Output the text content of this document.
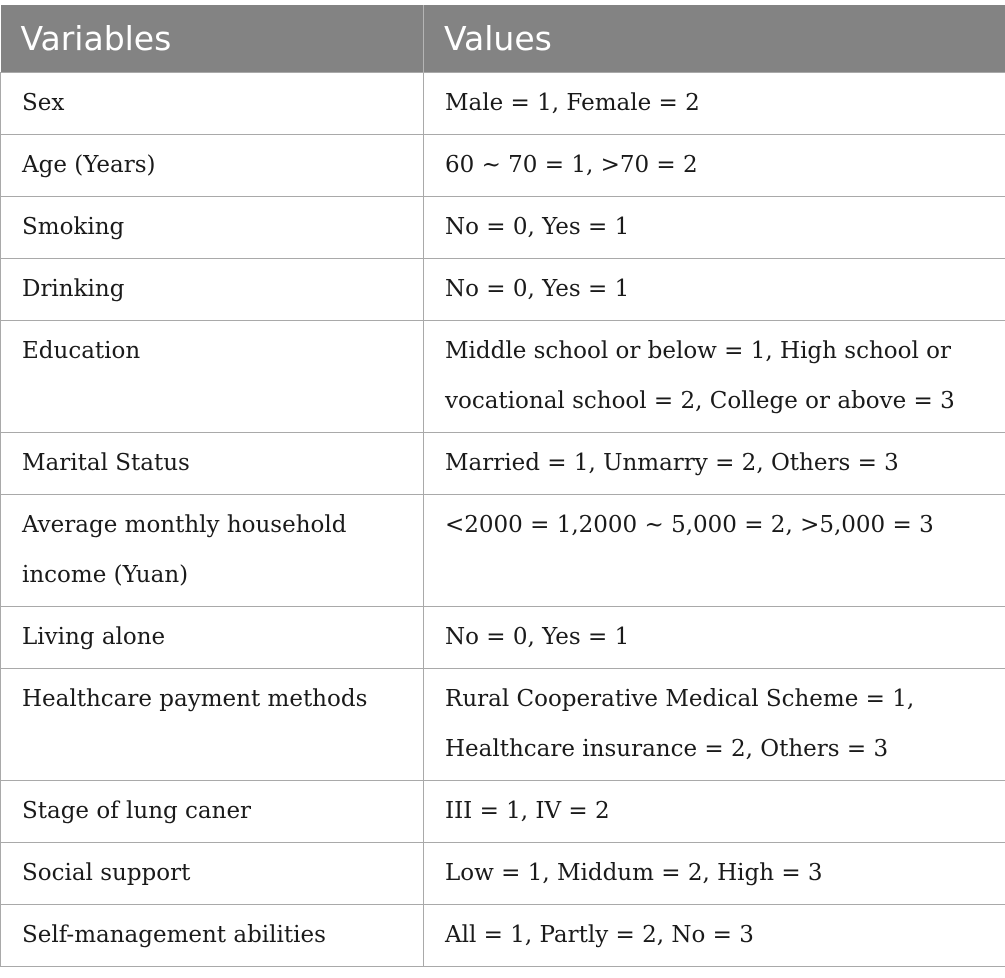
Variables	Values
Sex	Male = 1, Female = 2
Age (Years)	60 ~ 70 = 1, >70 = 2
Smoking	No = 0, Yes = 1
Drinking	No = 0, Yes = 1
Education	Middle school or below = 1, High school or vocational school = 2, College or above = 3
Marital Status	Married = 1, Unmarry = 2, Others = 3
Average monthly household income (Yuan)	<2000 = 1,2000 ~ 5,000 = 2, >5,000 = 3
Living alone	No = 0, Yes = 1
Healthcare payment methods	Rural Cooperative Medical Scheme = 1, Healthcare insurance = 2, Others = 3
Stage of lung caner	III = 1, IV = 2
Social support	Low = 1, Middum = 2, High = 3
Self-management abilities	All = 1, Partly = 2, No = 3
